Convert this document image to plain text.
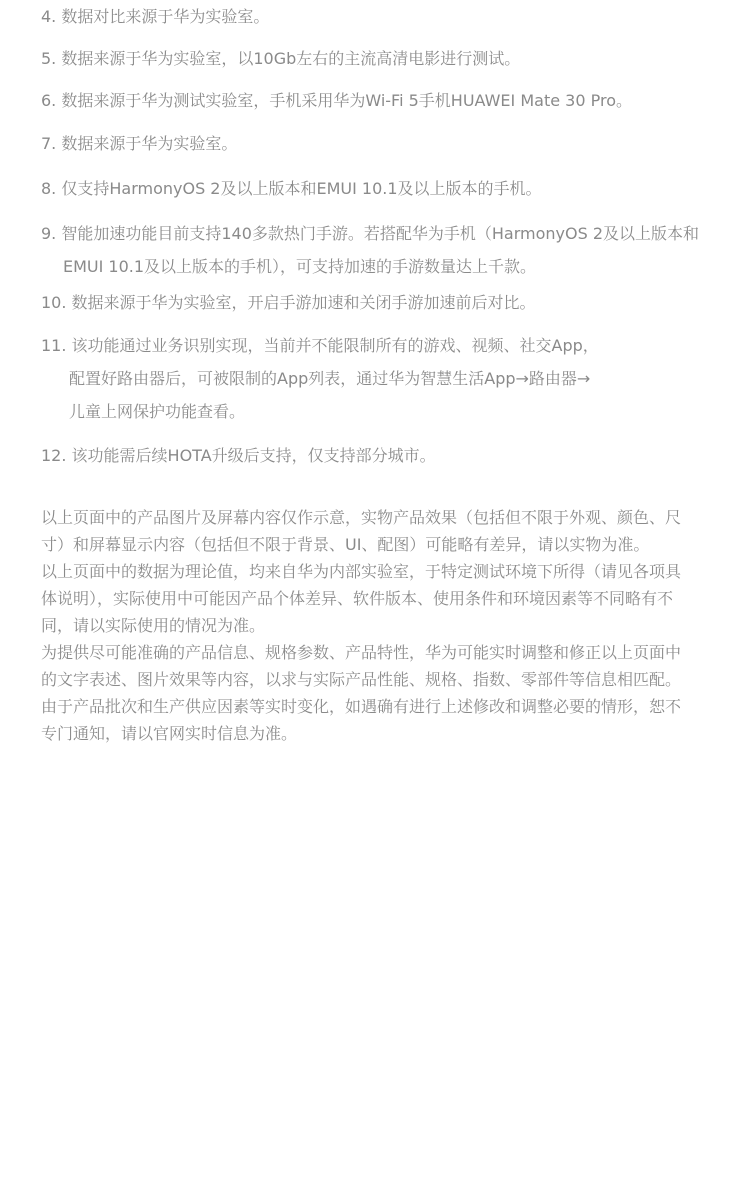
4. 数据对比来源于华为实验室。
5. 数据来源于华为实验室，以10Gb左右的主流高清电影进行测试。
6. 数据来源于华为测试实验室，手机采用华为Wi-Fi 5手机HUAWEI Mate 30 Pro。
7. 数据来源于华为实验室。
8. 仅支持HarmonyOS 2及以上版本和EMUI 10.1及以上版本的手机。
9. 智能加速功能目前支持140多款热门手游。若搭配华为手机（HarmonyOS 2及以上版本和
EMUI 10.1及以上版本的手机），可支持加速的手游数量达上千款。
10. 数据来源于华为实验室，开启手游加速和关闭手游加速前后对比。
11. 该功能通过业务识别实现，当前并不能限制所有的游戏、视频、社交App，
配置好路由器后，可被限制的App列表，通过华为智慧生活App→路由器→
儿童上网保护功能查看。
12. 该功能需后续HOTA升级后支持，仅支持部分城市。

以上页面中的产品图片及屏幕内容仅作示意，实物产品效果（包括但不限于外观、颜色、尺
寸）和屏幕显示内容（包括但不限于背景、UI、配图）可能略有差异，请以实物为准。

以上页面中的数据为理论值，均来自华为内部实验室，于特定测试环境下所得（请见各项具
体说明），实际使用中可能因产品个体差异、软件版本、使用条件和环境因素等不同略有不
同，请以实际使用的情况为准。

为提供尽可能准确的产品信息、规格参数、产品特性，华为可能实时调整和修正以上页面中
的文字表述、图片效果等内容，以求与实际产品性能、规格、指数、零部件等信息相匹配。
由于产品批次和生产供应因素等实时变化，如遇确有进行上述修改和调整必要的情形，恕不
专门通知，请以官网实时信息为准。
